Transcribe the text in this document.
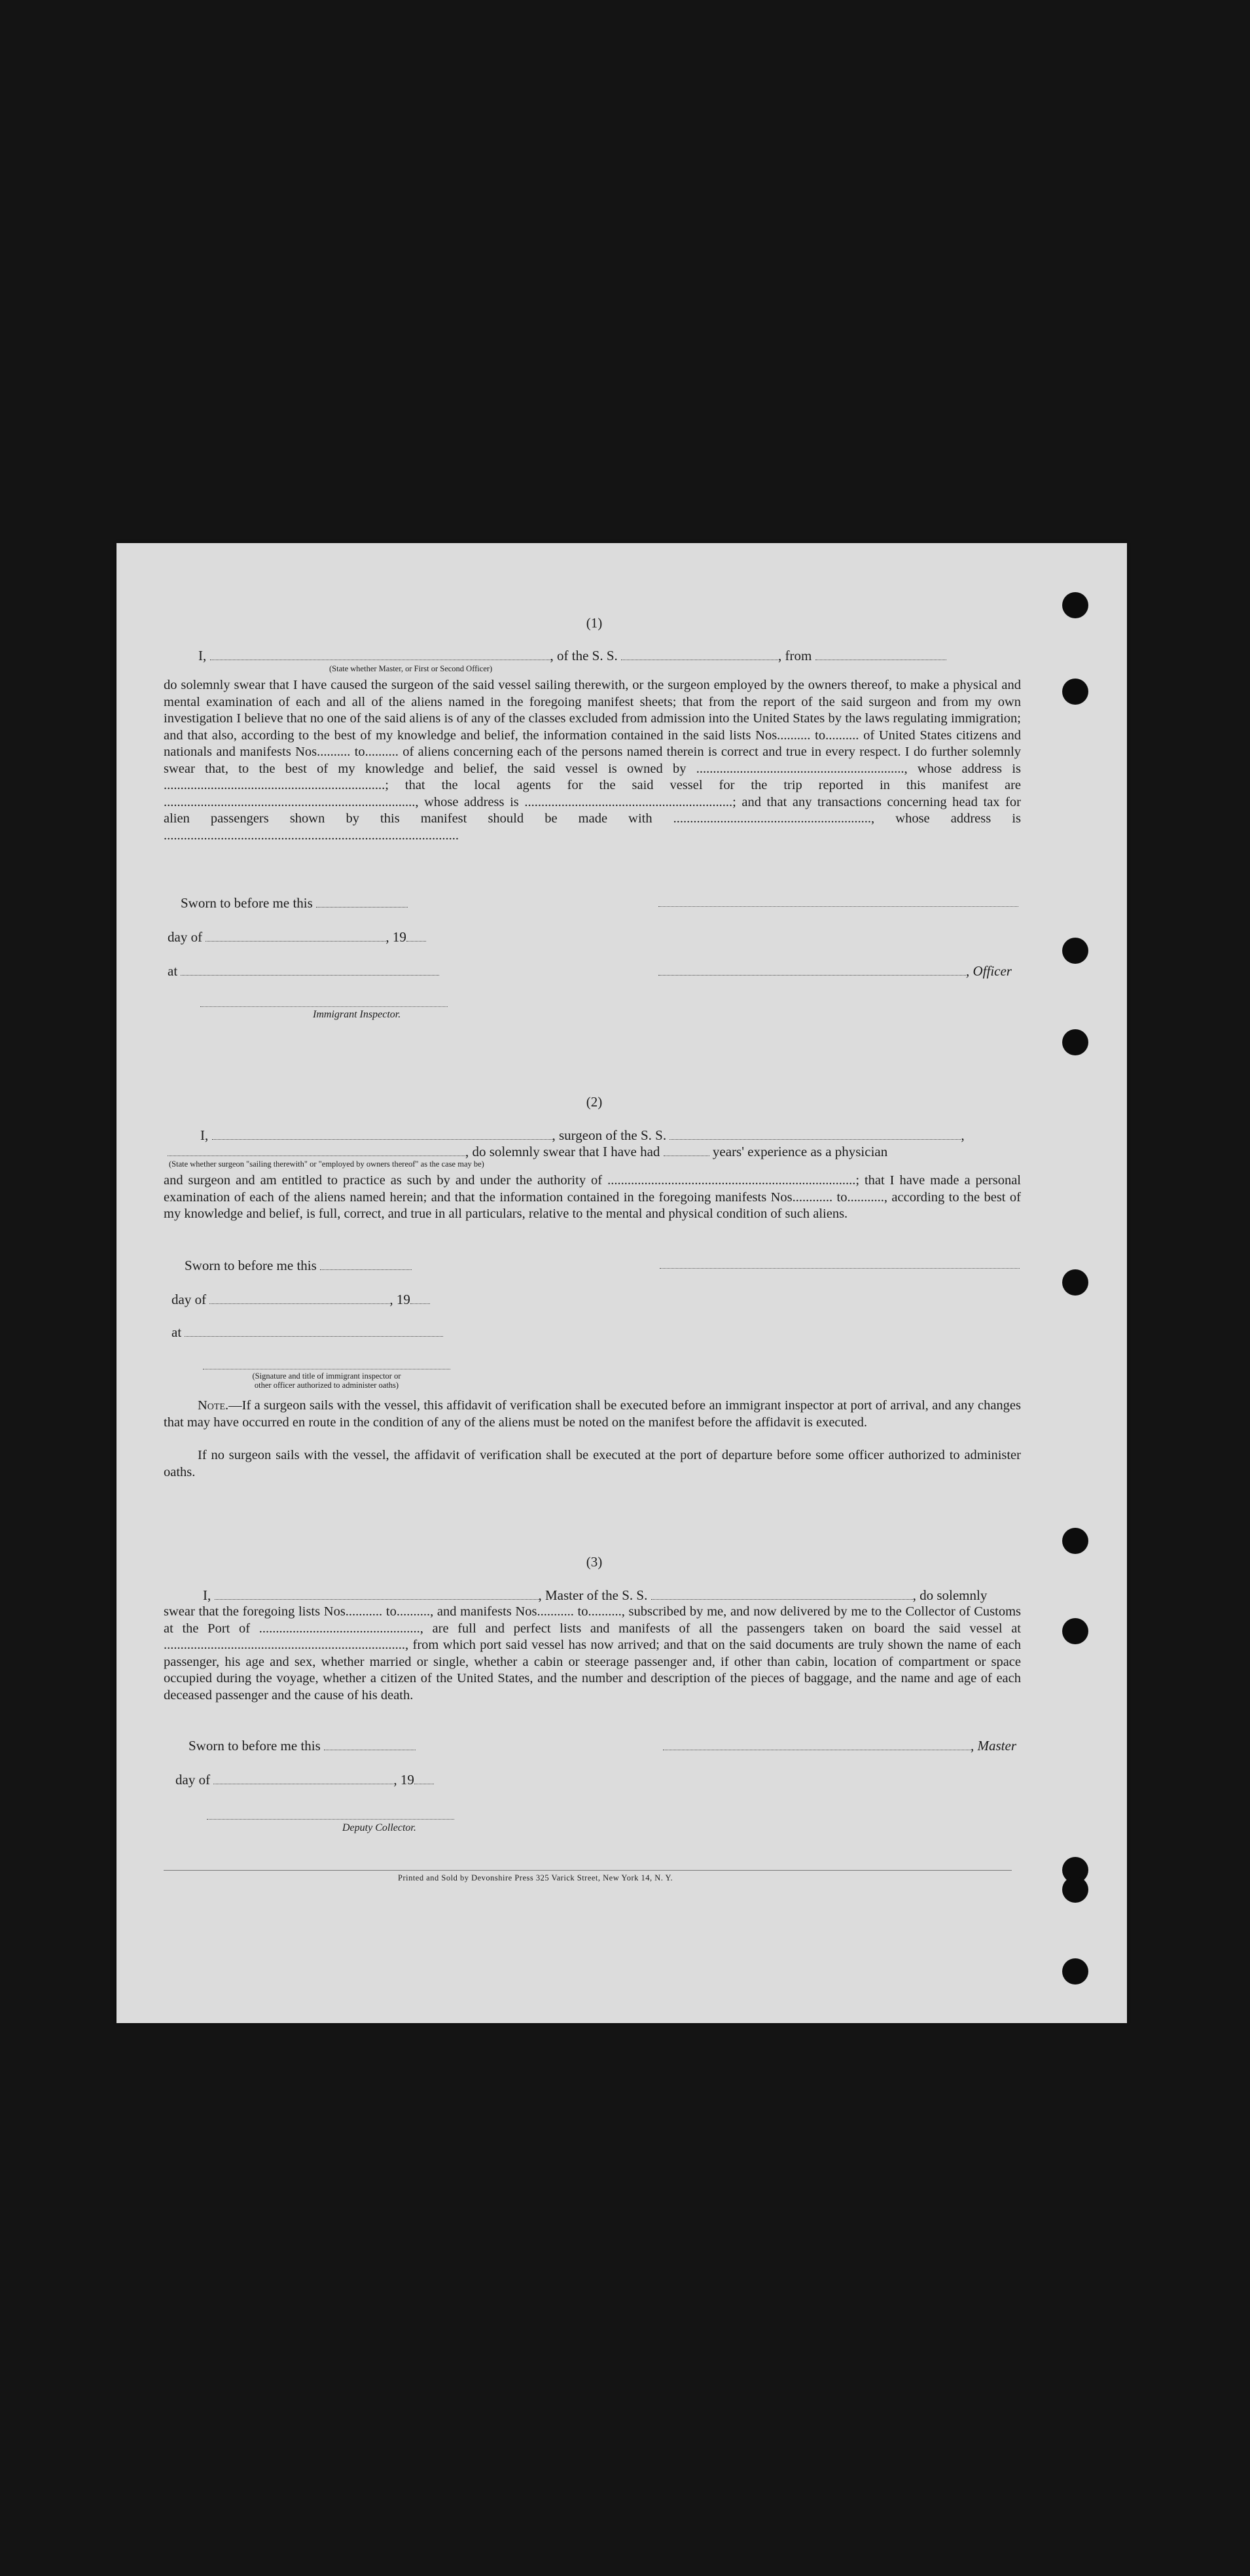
(1)

I,	, of the S. S.	, from
(State whether Master, or First or Second Officer)

do solemnly swear that I have caused the surgeon of the said vessel sailing therewith, or the surgeon employed by the owners thereof, to make a physical and mental examination of each and all of the aliens named in the foregoing manifest sheets; that from the report of the said surgeon and from my own investigation I believe that no one of the said aliens is of any of the classes excluded from admission into the United States by the laws regulating immigration; and that also, according to the best of my knowledge and belief, the information contained in the said lists Nos.......... to.......... of United States citizens and nationals and manifests Nos.......... to.......... of aliens concerning each of the persons named therein is correct and true in every respect. I do further solemnly swear that, to the best of my knowledge and belief, the said vessel is owned by .............................................................., whose address is ..................................................................; that the local agents for the said vessel for the trip reported in this manifest are ..........................................................................., whose address is ..............................................................; and that any transactions concerning head tax for alien passengers shown by this manifest should be made with ..........................................................., whose address is ........................................................................................

Sworn to before me this
day of	, 19
at	, Officer
Immigrant Inspector.

(2)

I,	, surgeon of the S. S.	,
, do solemnly swear that I have had	years' experience as a physician
(State whether surgeon "sailing therewith" or "employed by owners thereof" as the case may be)

and surgeon and am entitled to practice as such by and under the authority of ..........................................................................; that I have made a personal examination of each of the aliens named herein; and that the information contained in the foregoing manifests Nos............ to..........., according to the best of my knowledge and belief, is full, correct, and true in all particulars, relative to the mental and physical condition of such aliens.

Sworn to before me this
day of	, 19
at
(Signature and title of immigrant inspector or
other officer authorized to administer oaths)

Note.—If a surgeon sails with the vessel, this affidavit of verification shall be executed before an immigrant inspector at port of arrival, and any changes that may have occurred en route in the condition of any of the aliens must be noted on the manifest before the affidavit is executed.

If no surgeon sails with the vessel, the affidavit of verification shall be executed at the port of departure before some officer authorized to administer oaths.

(3)

I,	, Master of the S. S.	, do solemnly

swear that the foregoing lists Nos........... to.........., and manifests Nos........... to.........., subscribed by me, and now delivered by me to the Collector of Customs at the Port of ................................................, are full and perfect lists and manifests of all the passengers taken on board the said vessel at ........................................................................, from which port said vessel has now arrived; and that on the said documents are truly shown the name of each passenger, his age and sex, whether married or single, whether a cabin or steerage passenger and, if other than cabin, location of compartment or space occupied during the voyage, whether a citizen of the United States, and the number and description of the pieces of baggage, and the name and age of each deceased passenger and the cause of his death.

Sworn to before me this	, Master
day of	, 19
Deputy Collector.
Printed and Sold by Devonshire Press 325 Varick Street, New York 14, N. Y.
